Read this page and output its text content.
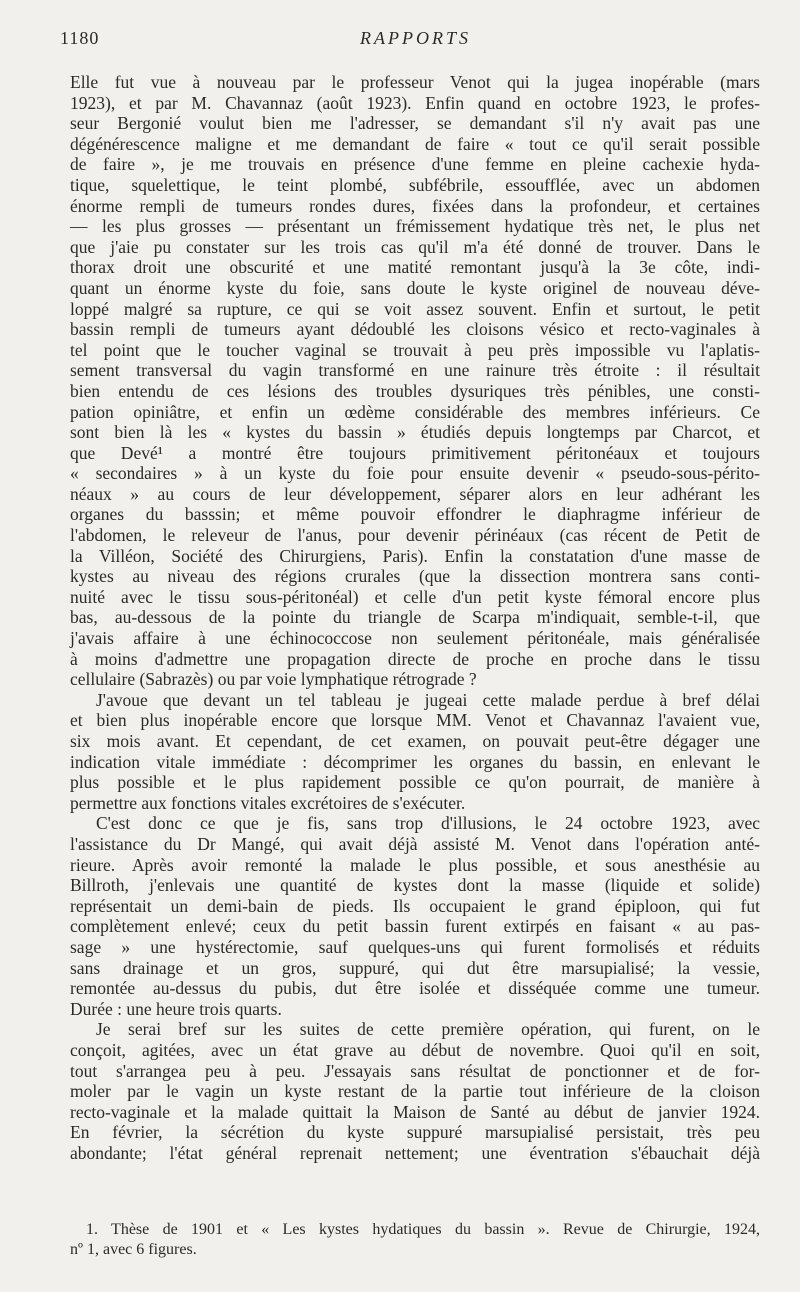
1180	RAPPORTS
Elle fut vue à nouveau par le professeur Venot qui la jugea inopérable (mars
1923), et par M. Chavannaz (août 1923). Enfin quand en octobre 1923, le profes-
seur Bergonié voulut bien me l'adresser, se demandant s'il n'y avait pas une
dégénérescence maligne et me demandant de faire « tout ce qu'il serait possible
de faire », je me trouvais en présence d'une femme en pleine cachexie hyda-
tique, squelettique, le teint plombé, subfébrile, essoufflée, avec un abdomen
énorme rempli de tumeurs rondes dures, fixées dans la profondeur, et certaines
— les plus grosses — présentant un frémissement hydatique très net, le plus net
que j'aie pu constater sur les trois cas qu'il m'a été donné de trouver. Dans le
thorax droit une obscurité et une matité remontant jusqu'à la 3e côte, indi-
quant un énorme kyste du foie, sans doute le kyste originel de nouveau déve-
loppé malgré sa rupture, ce qui se voit assez souvent. Enfin et surtout, le petit
bassin rempli de tumeurs ayant dédoublé les cloisons vésico et recto-vaginales à
tel point que le toucher vaginal se trouvait à peu près impossible vu l'aplatis-
sement transversal du vagin transformé en une rainure très étroite : il résultait
bien entendu de ces lésions des troubles dysuriques très pénibles, une consti-
pation opiniâtre, et enfin un œdème considérable des membres inférieurs. Ce
sont bien là les « kystes du bassin » étudiés depuis longtemps par Charcot, et
que Devé¹ a montré être toujours primitivement péritonéaux et toujours
« secondaires » à un kyste du foie pour ensuite devenir « pseudo-sous-périto-
néaux » au cours de leur développement, séparer alors en leur adhérant les
organes du basssin; et même pouvoir effondrer le diaphragme inférieur de
l'abdomen, le releveur de l'anus, pour devenir périnéaux (cas récent de Petit de
la Villéon, Société des Chirurgiens, Paris). Enfin la constatation d'une masse de
kystes au niveau des régions crurales (que la dissection montrera sans conti-
nuité avec le tissu sous-péritonéal) et celle d'un petit kyste fémoral encore plus
bas, au-dessous de la pointe du triangle de Scarpa m'indiquait, semble-t-il, que
j'avais affaire à une échinococcose non seulement péritonéale, mais généralisée
à moins d'admettre une propagation directe de proche en proche dans le tissu
cellulaire (Sabrazès) ou par voie lymphatique rétrograde ?
J'avoue que devant un tel tableau je jugeai cette malade perdue à bref délai
et bien plus inopérable encore que lorsque MM. Venot et Chavannaz l'avaient vue,
six mois avant. Et cependant, de cet examen, on pouvait peut-être dégager une
indication vitale immédiate : décomprimer les organes du bassin, en enlevant le
plus possible et le plus rapidement possible ce qu'on pourrait, de manière à
permettre aux fonctions vitales excrétoires de s'exécuter.
C'est donc ce que je fis, sans trop d'illusions, le 24 octobre 1923, avec
l'assistance du Dr Mangé, qui avait déjà assisté M. Venot dans l'opération anté-
rieure. Après avoir remonté la malade le plus possible, et sous anesthésie au
Billroth, j'enlevais une quantité de kystes dont la masse (liquide et solide)
représentait un demi-bain de pieds. Ils occupaient le grand épiploon, qui fut
complètement enlevé; ceux du petit bassin furent extirpés en faisant « au pas-
sage » une hystérectomie, sauf quelques-uns qui furent formolisés et réduits
sans drainage et un gros, suppuré, qui dut être marsupialisé; la vessie,
remontée au-dessus du pubis, dut être isolée et disséquée comme une tumeur.
Durée : une heure trois quarts.
Je serai bref sur les suites de cette première opération, qui furent, on le
conçoit, agitées, avec un état grave au début de novembre. Quoi qu'il en soit,
tout s'arrangea peu à peu. J'essayais sans résultat de ponctionner et de for-
moler par le vagin un kyste restant de la partie tout inférieure de la cloison
recto-vaginale et la malade quittait la Maison de Santé au début de janvier 1924.
En février, la sécrétion du kyste suppuré marsupialisé persistait, très peu
abondante; l'état général reprenait nettement; une éventration s'ébauchait déjà
1. Thèse de 1901 et « Les kystes hydatiques du bassin ». Revue de Chirurgie, 1924,
nº 1, avec 6 figures.
